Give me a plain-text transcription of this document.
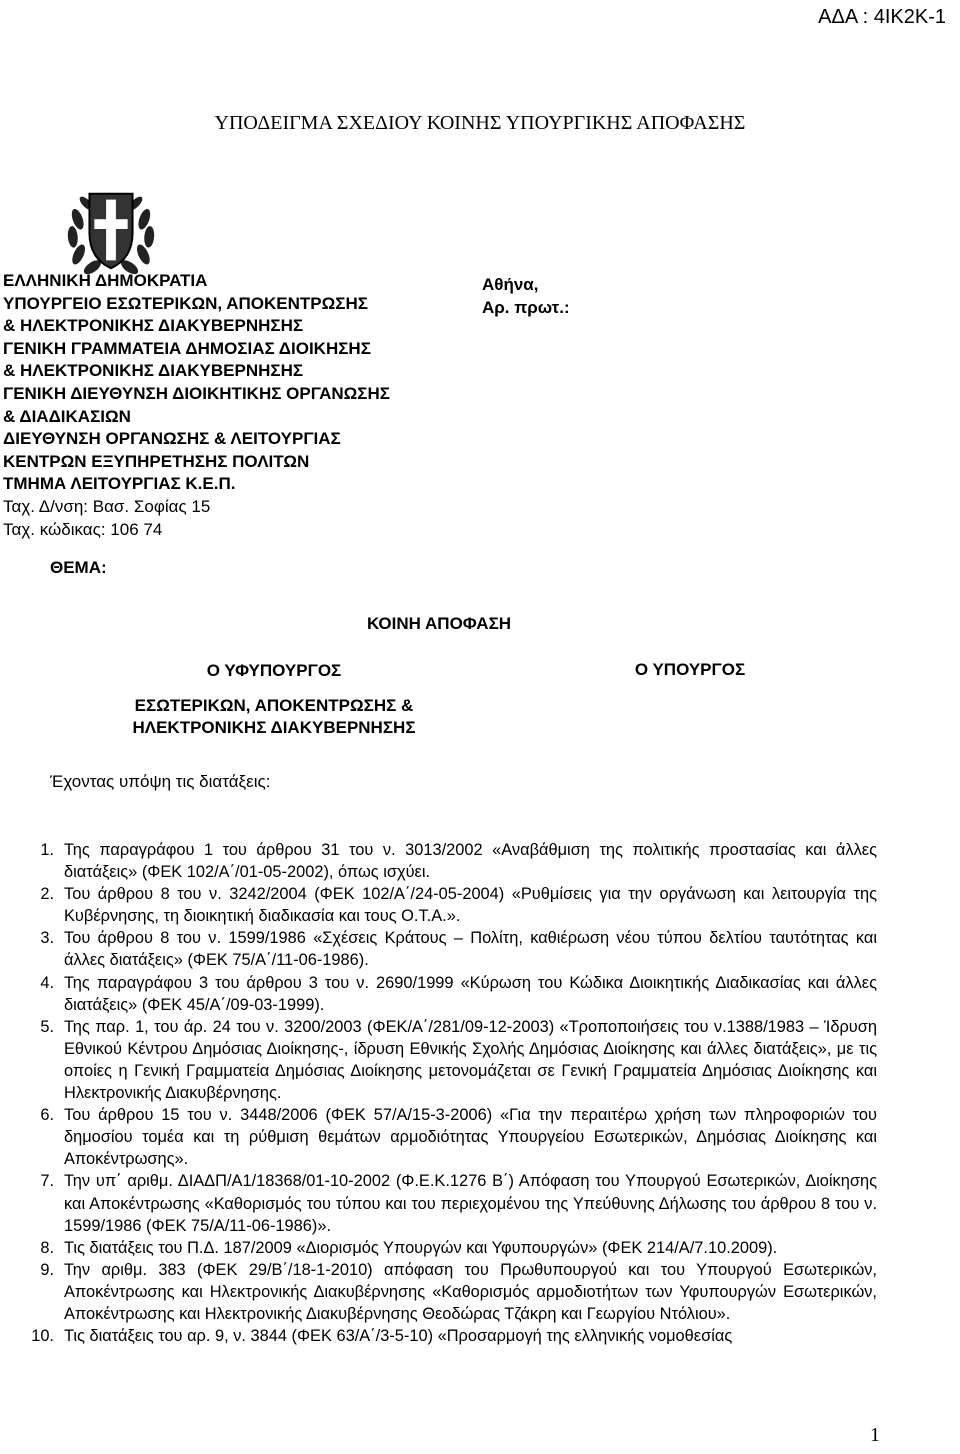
ΑΔΑ : 4ΙΚ2Κ-1
ΥΠΟΔΕΙΓΜΑ ΣΧΕΔΙΟΥ ΚΟΙΝΗΣ ΥΠΟΥΡΓΙΚΗΣ ΑΠΟΦΑΣΗΣ
ΕΛΛΗΝΙΚΗ ΔΗΜΟΚΡΑΤΙΑ
ΥΠΟΥΡΓΕΙΟ ΕΣΩΤΕΡΙΚΩΝ, ΑΠΟΚΕΝΤΡΩΣΗΣ
& ΗΛΕΚΤΡΟΝΙΚΗΣ ΔΙΑΚΥΒΕΡΝΗΣΗΣ
ΓΕΝΙΚΗ ΓΡΑΜΜΑΤΕΙΑ ΔΗΜΟΣΙΑΣ ΔΙΟΙΚΗΣΗΣ
& ΗΛΕΚΤΡΟΝΙΚΗΣ ΔΙΑΚΥΒΕΡΝΗΣΗΣ
ΓΕΝΙΚΗ ΔΙΕΥΘΥΝΣΗ ΔΙΟΙΚΗΤΙΚΗΣ ΟΡΓΑΝΩΣΗΣ
& ΔΙΑΔΙΚΑΣΙΩΝ
ΔΙΕΥΘΥΝΣΗ ΟΡΓΑΝΩΣΗΣ & ΛΕΙΤΟΥΡΓΙΑΣ
ΚΕΝΤΡΩΝ ΕΞΥΠΗΡΕΤΗΣΗΣ ΠΟΛΙΤΩΝ
ΤΜΗΜΑ ΛΕΙΤΟΥΡΓΙΑΣ Κ.Ε.Π.
Ταχ. Δ/νση: Βασ. Σοφίας 15
Ταχ. κώδικας: 106 74
Αθήνα,
Αρ. πρωτ.:
ΘΕΜΑ:
ΚΟΙΝΗ ΑΠΟΦΑΣΗ
Ο ΥΦΥΠΟΥΡΓΟΣ
ΕΣΩΤΕΡΙΚΩΝ, ΑΠΟΚΕΝΤΡΩΣΗΣ &
ΗΛΕΚΤΡΟΝΙΚΗΣ ΔΙΑΚΥΒΕΡΝΗΣΗΣ
Ο ΥΠΟΥΡΓΟΣ
Έχοντας υπόψη τις διατάξεις:
1. Της παραγράφου 1 του άρθρου 31 του ν. 3013/2002 «Αναβάθμιση της πολιτικής προστασίας και άλλες διατάξεις» (ΦΕΚ 102/Α΄/01-05-2002), όπως ισχύει.
2. Του άρθρου 8 του ν. 3242/2004 (ΦΕΚ 102/Α΄/24-05-2004) «Ρυθμίσεις για την οργάνωση και λειτουργία της Κυβέρνησης, τη διοικητική διαδικασία και τους Ο.Τ.Α.».
3. Του άρθρου 8 του ν. 1599/1986 «Σχέσεις Κράτους – Πολίτη, καθιέρωση νέου τύπου δελτίου ταυτότητας και άλλες διατάξεις» (ΦΕΚ 75/Α΄/11-06-1986).
4. Της παραγράφου 3 του άρθρου 3 του ν. 2690/1999 «Κύρωση του Κώδικα Διοικητικής Διαδικασίας και άλλες διατάξεις» (ΦΕΚ 45/Α΄/09-03-1999).
5. Της παρ. 1, του άρ. 24 του ν. 3200/2003 (ΦΕΚ/Α΄/281/09-12-2003) «Τροποποιήσεις του ν.1388/1983 – Ίδρυση Εθνικού Κέντρου Δημόσιας Διοίκησης-, ίδρυση Εθνικής Σχολής Δημόσιας Διοίκησης και άλλες διατάξεις», με τις οποίες η Γενική Γραμματεία Δημόσιας Διοίκησης μετονομάζεται σε Γενική Γραμματεία Δημόσιας Διοίκησης και Ηλεκτρονικής Διακυβέρνησης.
6. Του άρθρου 15 του ν. 3448/2006 (ΦΕΚ 57/Α/15-3-2006) «Για την περαιτέρω χρήση των πληροφοριών του δημοσίου τομέα και τη ρύθμιση θεμάτων αρμοδιότητας Υπουργείου Εσωτερικών, Δημόσιας Διοίκησης και Αποκέντρωσης».
7. Την υπ΄ αριθμ. ΔΙΑΔΠ/Α1/18368/01-10-2002 (Φ.Ε.Κ.1276 Β΄) Απόφαση του Υπουργού Εσωτερικών, Διοίκησης και Αποκέντρωσης «Καθορισμός του τύπου και του περιεχομένου της Υπεύθυνης Δήλωσης του άρθρου 8 του ν. 1599/1986 (ΦΕΚ 75/Α/11-06-1986)».
8. Τις διατάξεις του Π.Δ. 187/2009 «Διορισμός Υπουργών και Υφυπουργών» (ΦΕΚ 214/Α/7.10.2009).
9. Την αριθμ. 383 (ΦΕΚ 29/Β΄/18-1-2010) απόφαση του Πρωθυπουργού και του Υπουργού Εσωτερικών, Αποκέντρωσης και Ηλεκτρονικής Διακυβέρνησης «Καθορισμός αρμοδιοτήτων των Υφυπουργών Εσωτερικών, Αποκέντρωσης και Ηλεκτρονικής Διακυβέρνησης Θεοδώρας Τζάκρη και Γεωργίου Ντόλιου».
10. Τις διατάξεις του αρ. 9, ν. 3844 (ΦΕΚ 63/Α΄/3-5-10) «Προσαρμογή της ελληνικής νομοθεσίας
1
